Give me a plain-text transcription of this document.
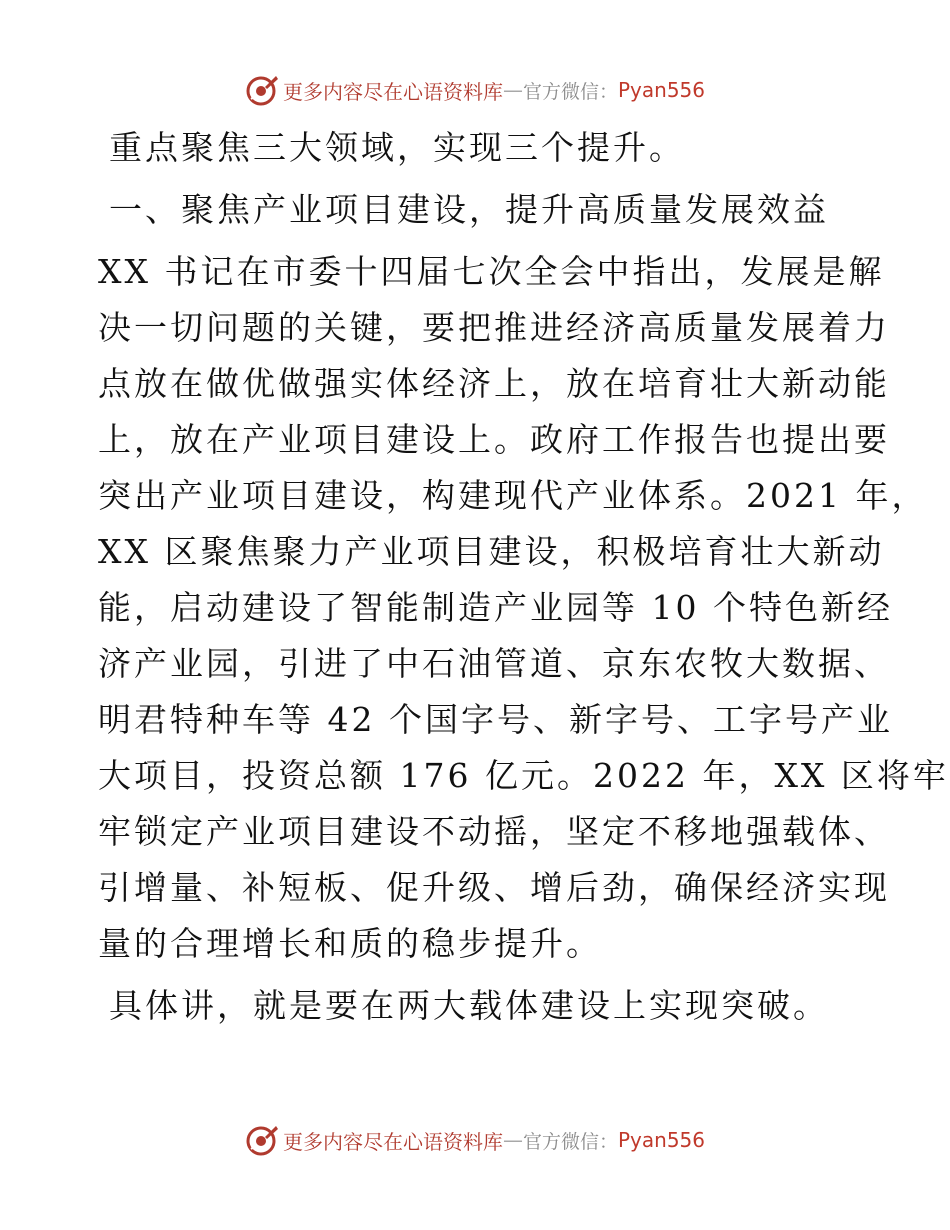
更多内容尽在心语资料库 — 官方微信： Pyan556
重点聚焦三大领域，实现三个提升。
一、聚焦产业项目建设，提升高质量发展效益
XX 书记在市委十四届七次全会中指出，发展是解
决一切问题的关键，要把推进经济高质量发展着力
点放在做优做强实体经济上，放在培育壮大新动能
上，放在产业项目建设上。政府工作报告也提出要
突出产业项目建设，构建现代产业体系。2021 年，
XX 区聚焦聚力产业项目建设，积极培育壮大新动
能，启动建设了智能制造产业园等 10 个特色新经
济产业园，引进了中石油管道、京东农牧大数据、
明君特种车等 42 个国字号、新字号、工字号产业
大项目，投资总额 176 亿元。2022 年，XX 区将牢
牢锁定产业项目建设不动摇，坚定不移地强载体、
引增量、补短板、促升级、增后劲，确保经济实现
量的合理增长和质的稳步提升。
具体讲，就是要在两大载体建设上实现突破。
更多内容尽在心语资料库 — 官方微信： Pyan556
